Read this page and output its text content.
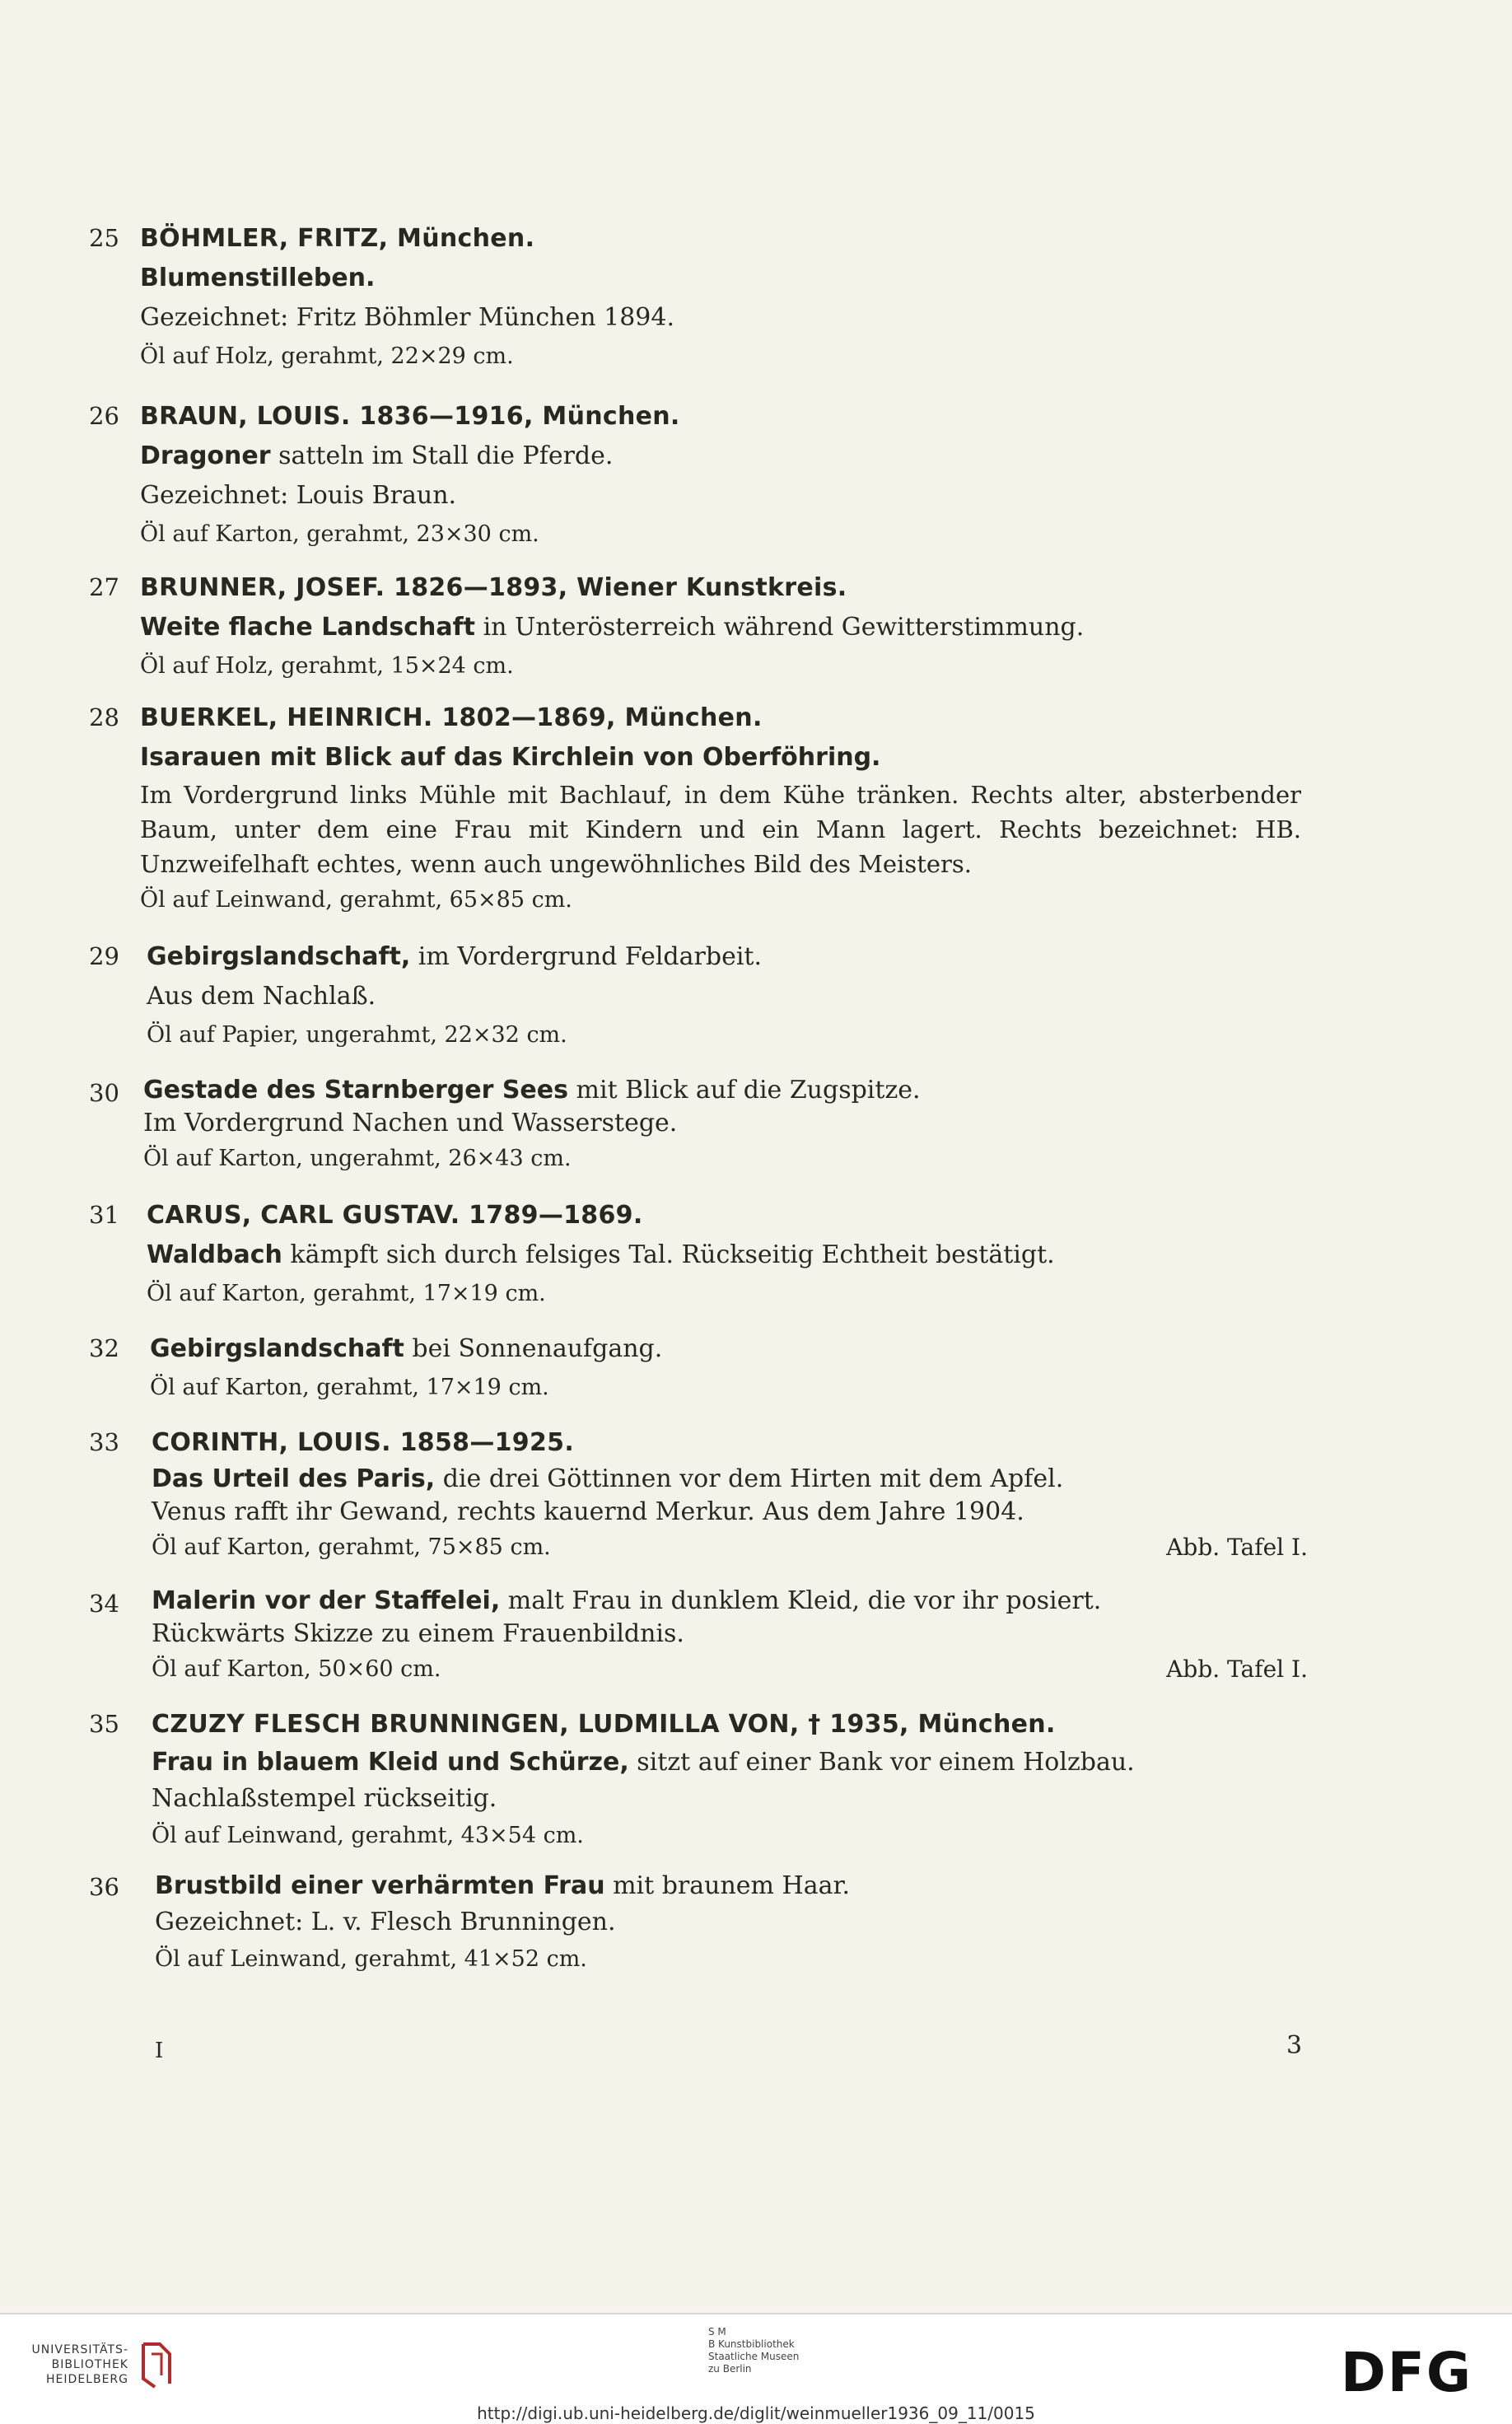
25 BÖHMLER, FRITZ, München.
Blumenstilleben.
Gezeichnet: Fritz Böhmler München 1894.
Öl auf Holz, gerahmt, 22×29 cm.
26 BRAUN, LOUIS. 1836—1916, München.
Dragoner satteln im Stall die Pferde.
Gezeichnet: Louis Braun.
Öl auf Karton, gerahmt, 23×30 cm.
27 BRUNNER, JOSEF. 1826—1893, Wiener Kunstkreis.
Weite flache Landschaft in Unterösterreich während Gewitterstimmung.
Öl auf Holz, gerahmt, 15×24 cm.
28 BUERKEL, HEINRICH. 1802—1869, München.
Isarauen mit Blick auf das Kirchlein von Oberföhring.
Im Vordergrund links Mühle mit Bachlauf, in dem Kühe tränken. Rechts alter, absterbender Baum, unter dem eine Frau mit Kindern und ein Mann lagert. Rechts bezeichnet: HB. Unzweifelhaft echtes, wenn auch ungewöhnliches Bild des Meisters.
Öl auf Leinwand, gerahmt, 65×85 cm.
29	Gebirgslandschaft, im Vordergrund Feldarbeit.
Aus dem Nachlaß.
Öl auf Papier, ungerahmt, 22×32 cm.
30 Gestade des Starnberger Sees mit Blick auf die Zugspitze.
Im Vordergrund Nachen und Wasserstege.
Öl auf Karton, ungerahmt, 26×43 cm.
31	CARUS, CARL GUSTAV. 1789—1869.
Waldbach kämpft sich durch felsiges Tal. Rückseitig Echtheit bestätigt.
Öl auf Karton, gerahmt, 17×19 cm.
32	Gebirgslandschaft bei Sonnenaufgang.
Öl auf Karton, gerahmt, 17×19 cm.
33	CORINTH, LOUIS. 1858—1925.
Das Urteil des Paris, die drei Göttinnen vor dem Hirten mit dem Apfel.
Venus rafft ihr Gewand, rechts kauernd Merkur. Aus dem Jahre 1904.
Öl auf Karton, gerahmt, 75×85 cm.	Abb. Tafel I.
34	Malerin vor der Staffelei, malt Frau in dunklem Kleid, die vor ihr posiert.
Rückwärts Skizze zu einem Frauenbildnis.
Öl auf Karton, 50×60 cm.	Abb. Tafel I.
35	CZUZY FLESCH BRUNNINGEN, LUDMILLA VON, † 1935, München.
Frau in blauem Kleid und Schürze, sitzt auf einer Bank vor einem Holzbau.
Nachlaßstempel rückseitig.
Öl auf Leinwand, gerahmt, 43×54 cm.
36	Brustbild einer verhärmten Frau mit braunem Haar.
Gezeichnet: L. v. Flesch Brunningen.
Öl auf Leinwand, gerahmt, 41×52 cm.
I	3
UNIVERSITÄTS-
BIBLIOTHEK
HEIDELBERG
S M
B Kunstbibliothek
Staatliche Museen
zu Berlin	DFG
http://digi.ub.uni-heidelberg.de/diglit/weinmueller1936_09_11/0015
